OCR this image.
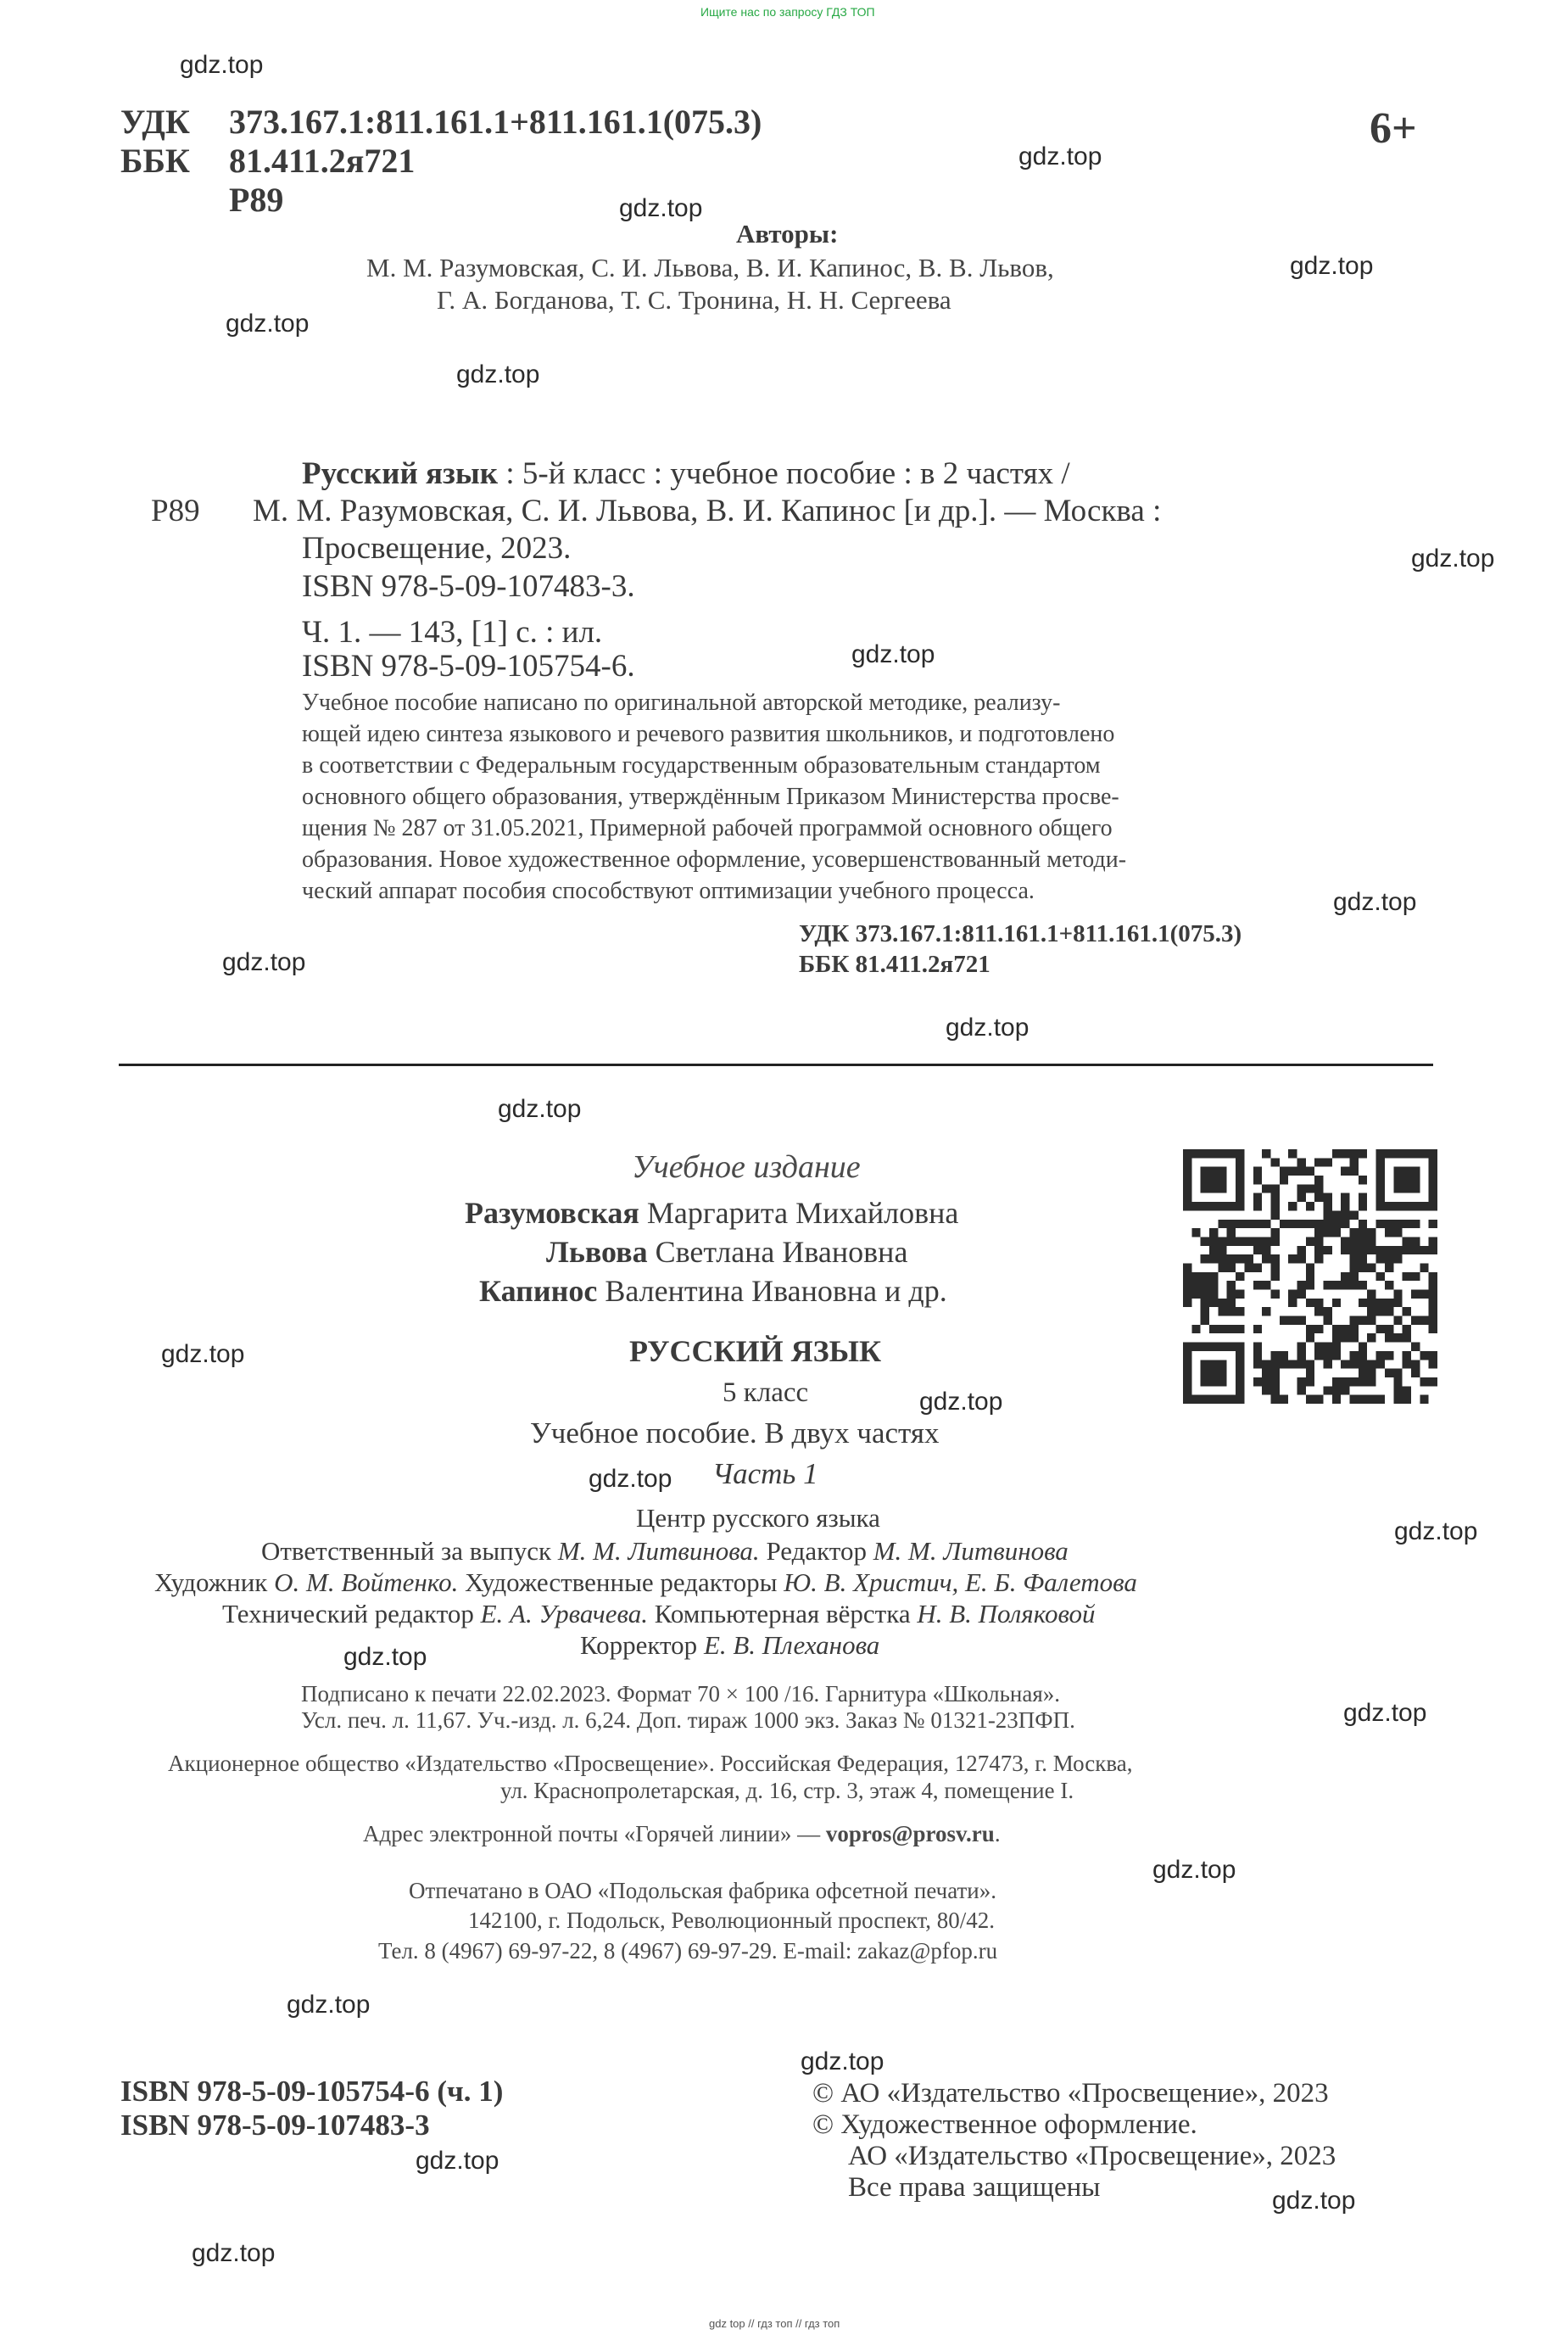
Ищите нас по запросу ГДЗ ТОП
УДК 373.167.1:811.161.1+811.161.1(075.3)
ББК 81.411.2я721
Р89
6+
Авторы:
М. М. Разумовская, С. И. Львова, В. И. Капинос, В. В. Львов,
Г. А. Богданова, Т. С. Тронина, Н. Н. Сергеева
Р89
Русский язык : 5-й класс : учебное пособие : в 2 частях /
М. М. Разумовская, С. И. Львова, В. И. Капинос [и др.]. — Москва :
Просвещение, 2023.
ISBN 978-5-09-107483-3.
Ч. 1. — 143, [1] с. : ил.
ISBN 978-5-09-105754-6.
Учебное пособие написано по оригинальной авторской методике, реализу-
ющей идею синтеза языкового и речевого развития школьников, и подготовлено
в соответствии с Федеральным государственным образовательным стандартом
основного общего образования, утверждённым Приказом Министерства просве-
щения № 287 от 31.05.2021, Примерной рабочей программой основного общего
образования. Новое художественное оформление, усовершенствованный методи-
ческий аппарат пособия способствуют оптимизации учебного процесса.
УДК 373.167.1:811.161.1+811.161.1(075.3)
ББК 81.411.2я721
Учебное издание
Разумовская Маргарита Михайловна
Львова Светлана Ивановна
Капинос Валентина Ивановна и др.
РУССКИЙ ЯЗЫК
5 класс
Учебное пособие. В двух частях
Часть 1
Центр русского языка
Ответственный за выпуск М. М. Литвинова. Редактор М. М. Литвинова
Художник О. М. Войтенко. Художественные редакторы Ю. В. Христич, Е. Б. Фалетова
Технический редактор Е. А. Урвачева. Компьютерная вёрстка Н. В. Поляковой
Корректор Е. В. Плеханова
Подписано к печати 22.02.2023. Формат 70 × 100 /16. Гарнитура «Школьная».
Усл. печ. л. 11,67. Уч.-изд. л. 6,24. Доп. тираж 1000 экз. Заказ № 01321-23ПФП.
Акционерное общество «Издательство «Просвещение». Российская Федерация, 127473, г. Москва,
ул. Краснопролетарская, д. 16, стр. 3, этаж 4, помещение I.
Адрес электронной почты «Горячей линии» — vopros@prosv.ru.
Отпечатано в ОАО «Подольская фабрика офсетной печати».
142100, г. Подольск, Революционный проспект, 80/42.
Тел. 8 (4967) 69-97-22, 8 (4967) 69-97-29. E-mail: zakaz@pfop.ru
ISBN 978-5-09-105754-6 (ч. 1)
ISBN 978-5-09-107483-3
© АО «Издательство «Просвещение», 2023
© Художественное оформление.
АО «Издательство «Просвещение», 2023
Все права защищены
gdz.top
gdz.top
gdz.top
gdz.top
gdz.top
gdz.top
gdz.top
gdz.top
gdz.top
gdz.top
gdz.top
gdz.top
gdz.top
gdz.top
gdz.top
gdz.top
gdz.top
gdz.top
gdz.top
gdz.top
gdz.top
gdz.top
gdz.top
gdz.top
gdz top // гдз топ // гдз топ
